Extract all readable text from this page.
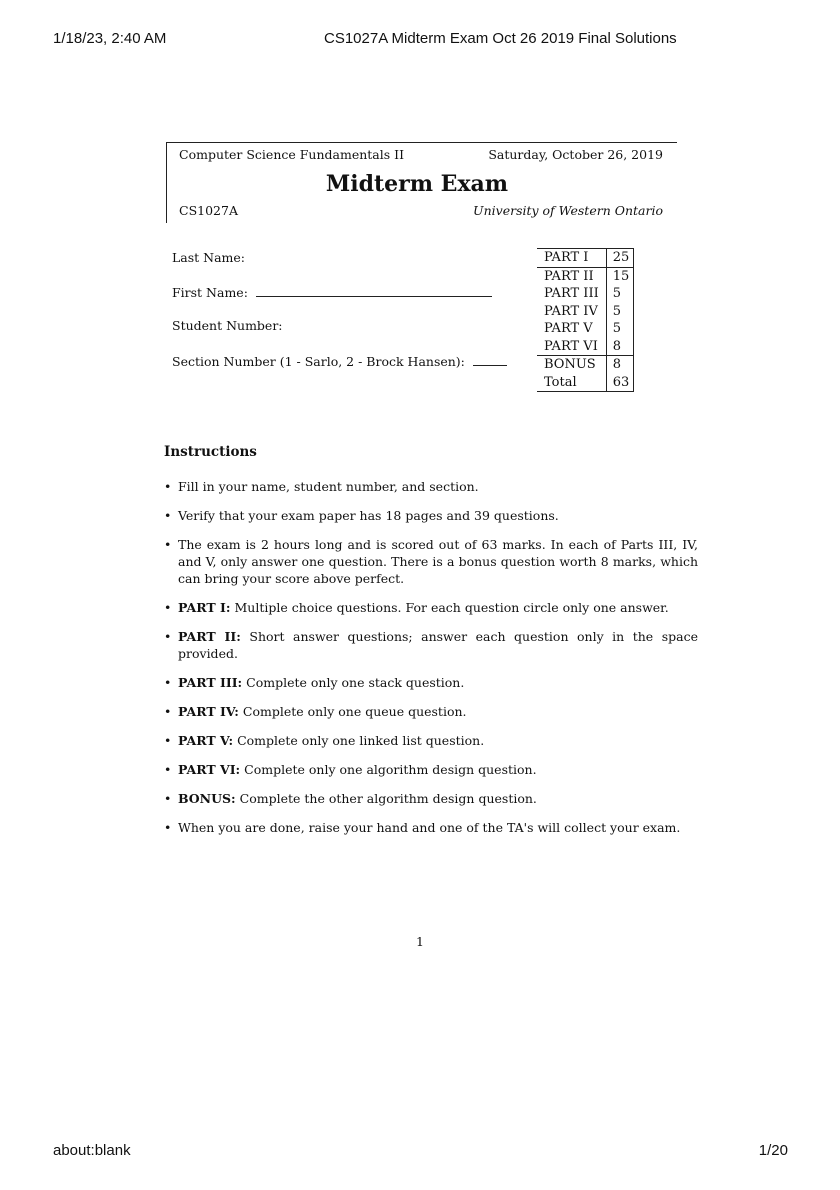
1/18/23, 2:40 AM	CS1027A Midterm Exam Oct 26 2019 Final Solutions
Computer Science Fundamentals II	Saturday, October 26, 2019
Midterm Exam
CS1027A	University of Western Ontario
Last Name:
First Name:
Student Number:
Section Number (1 - Sarlo, 2 - Brock Hansen):
PART I	25
PART II	15
PART III	5
PART IV	5
PART V	5
PART VI	8
BONUS	8
Total	63
Instructions
• Fill in your name, student number, and section.
• Verify that your exam paper has 18 pages and 39 questions.
• The exam is 2 hours long and is scored out of 63 marks. In each of Parts III, IV, and V, only answer one question. There is a bonus question worth 8 marks, which can bring your score above perfect.
• PART I: Multiple choice questions. For each question circle only one answer.
• PART II: Short answer questions; answer each question only in the space provided.
• PART III: Complete only one stack question.
• PART IV: Complete only one queue question.
• PART V: Complete only one linked list question.
• PART VI: Complete only one algorithm design question.
• BONUS: Complete the other algorithm design question.
• When you are done, raise your hand and one of the TA's will collect your exam.
1
about:blank	1/20
